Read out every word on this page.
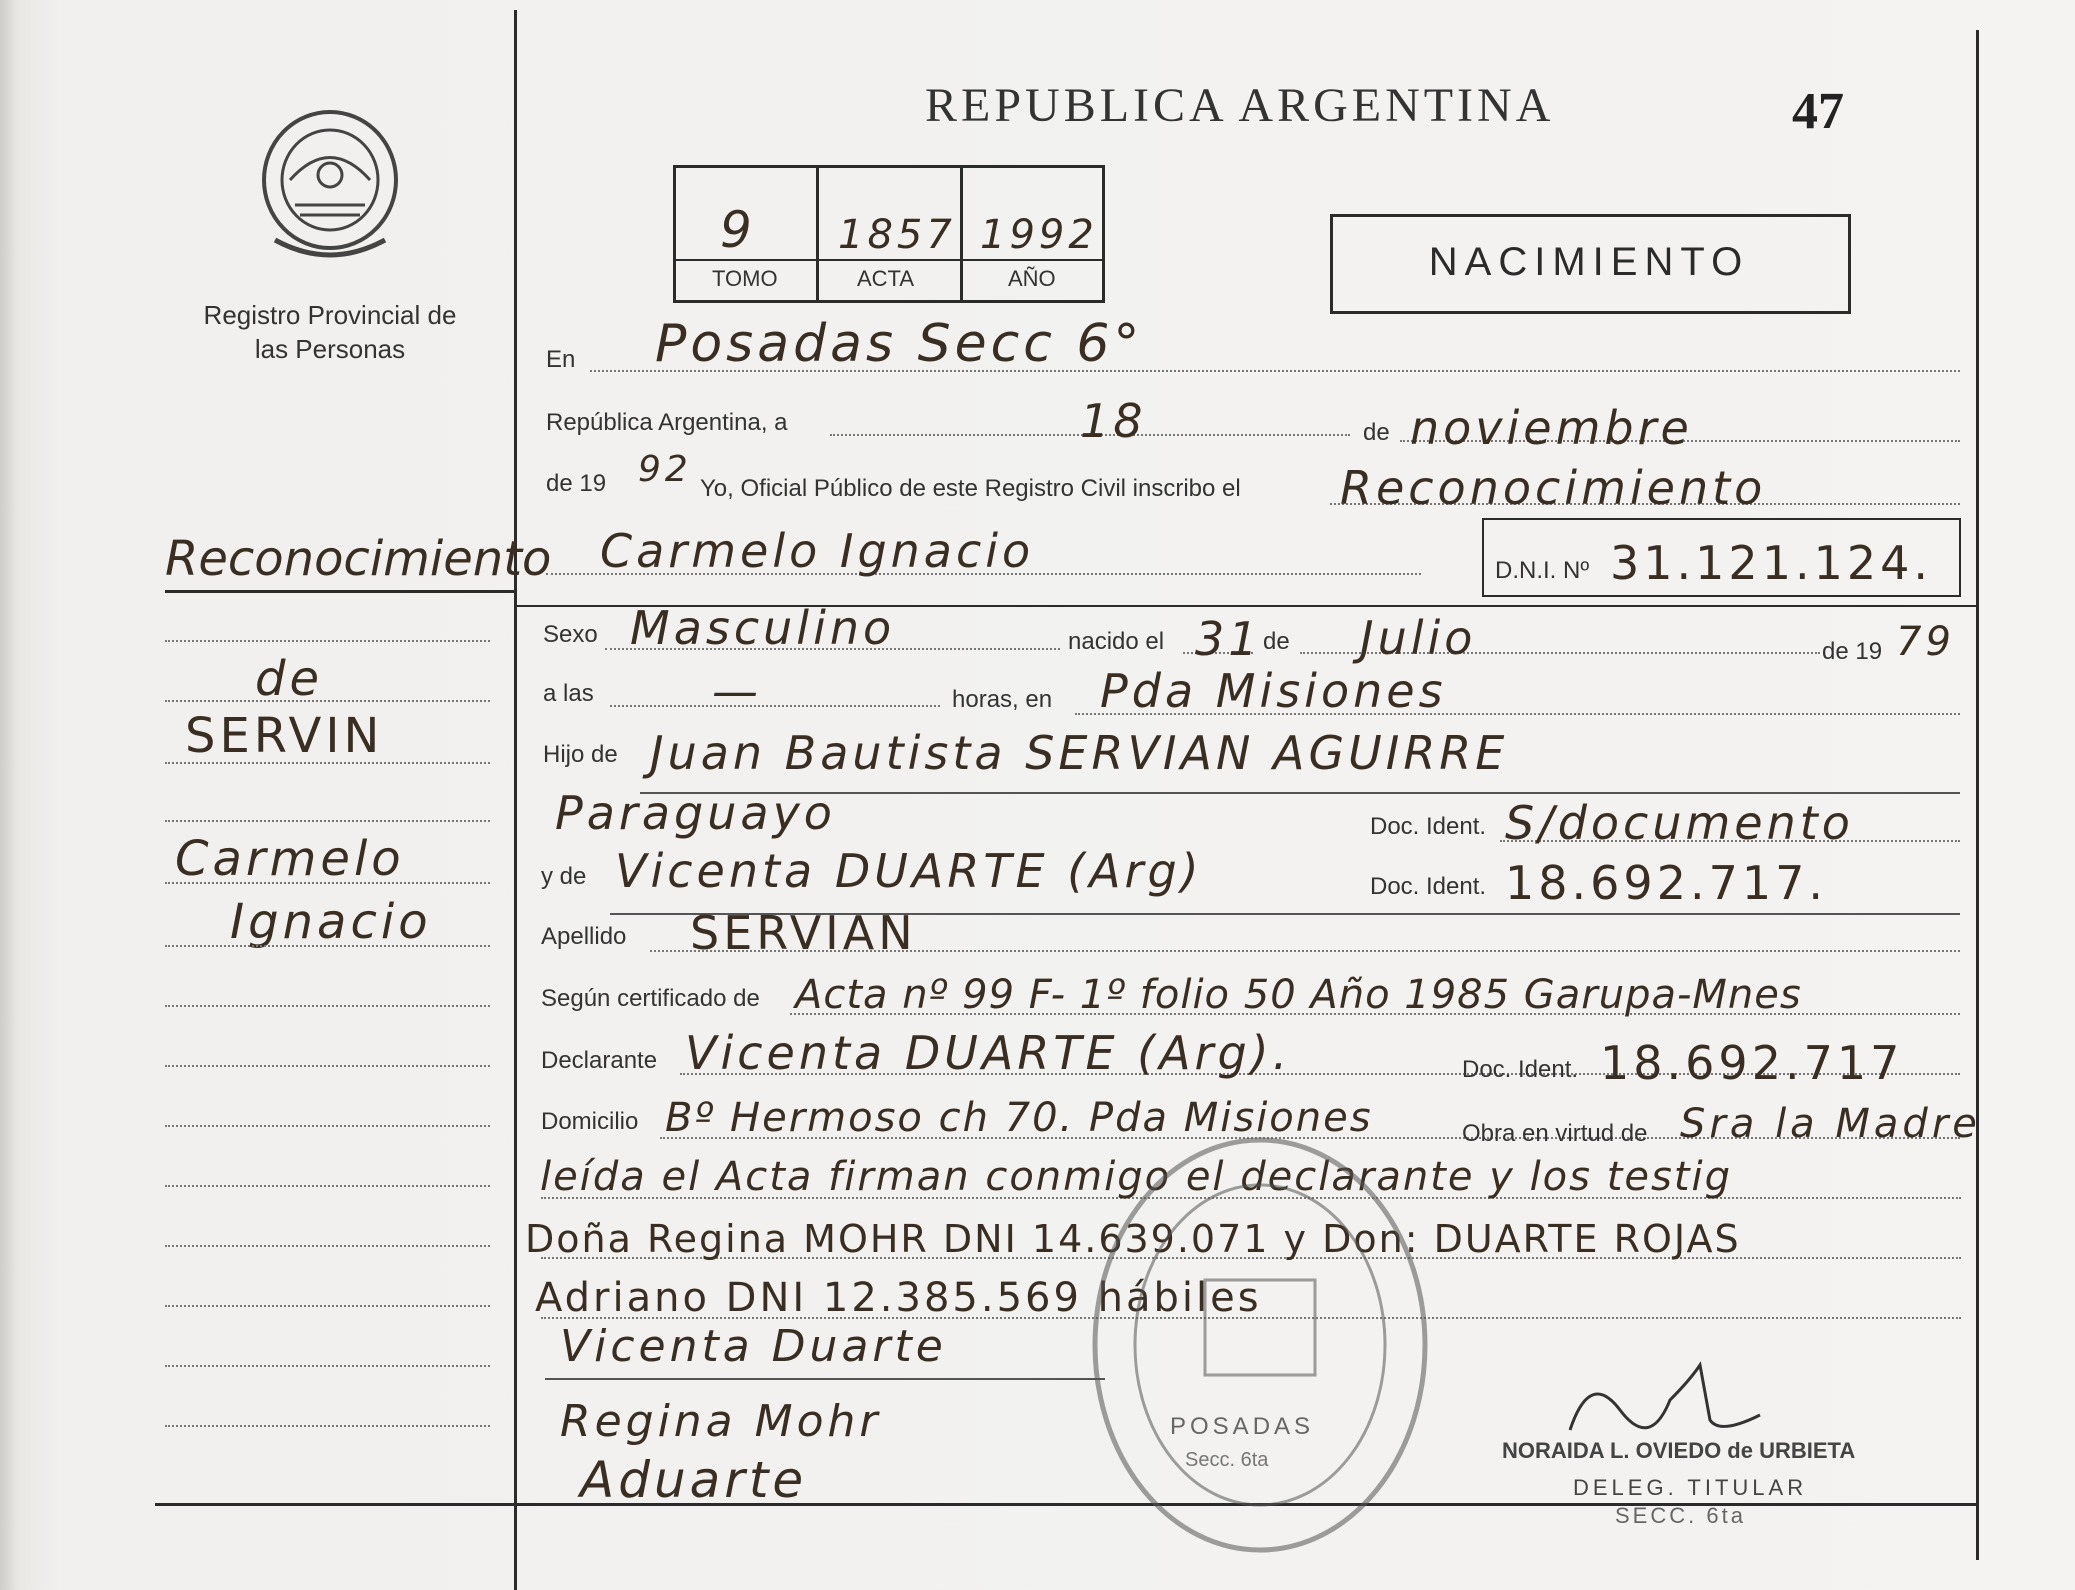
Registro Provincial de las Personas
REPUBLICA ARGENTINA	47
9 1857 1992
TOMO	ACTA	AÑO	NACIMIENTO
Reconocimiento
de
SERVIN
Carmelo
Ignacio
En Posadas Secc 6°
República Argentina, a	18	de noviembre
de 19 92 Yo, Oficial Público de este Registro Civil inscribo el Reconocimiento
Carmelo Ignacio	D.N.I. Nº 31.121.124.
Sexo Masculino	nacido el 31 de Julio	de 19 79
a las	—	horas, en Pda Misiones
Hijo de Juan Bautista SERVIAN AGUIRRE
Paraguayo	Doc. Ident. S/documento
y de Vicenta DUARTE (Arg)	Doc. Ident. 18.692.717.
Apellido SERVIAN
Según certificado de Acta nº 99 F- 1º folio 50 Año 1985 Garupa-Mnes
Declarante Vicenta DUARTE (Arg).	Doc. Ident. 18.692.717
Domicilio Bº Hermoso ch 70. Pda Misiones	Obra en virtud de Sra la Madre
leída el Acta firman conmigo el declarante y los testig
Doña Regina MOHR DNI 14.639.071 y Don: DUARTE ROJAS
Adriano DNI 12.385.569 hábiles
Vicenta Duarte
Regina Mohr
Aduarte
POSADAS
Secc. 6ta	NORAIDA L. OVIEDO de URBIETA
DELEG. TITULAR
SECC. 6ta
